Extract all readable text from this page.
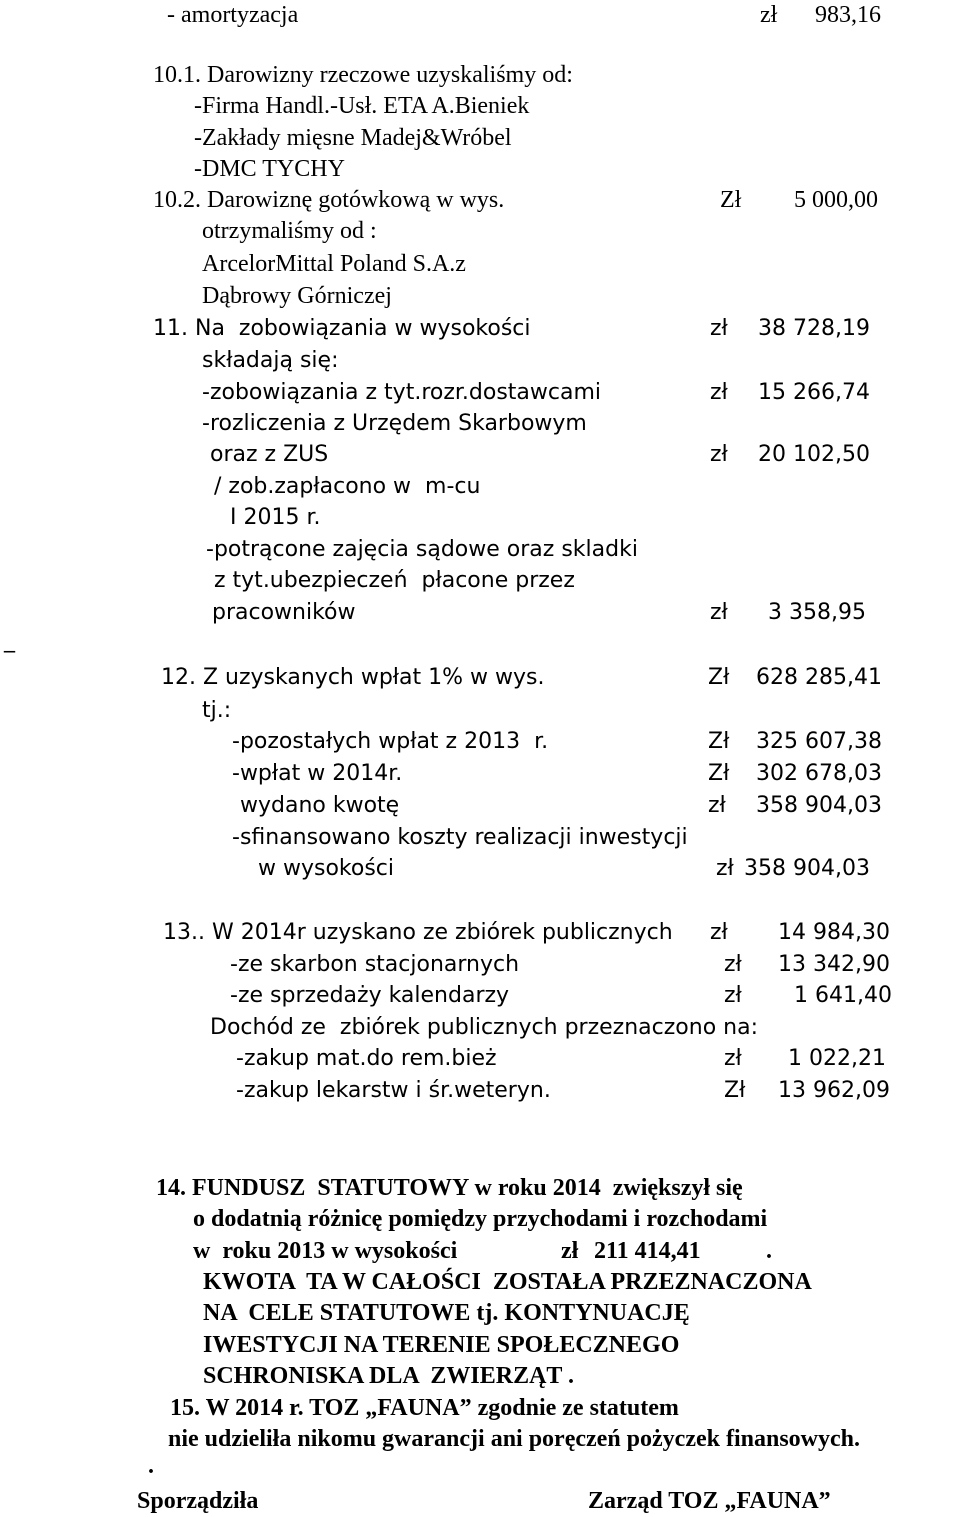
- amortyzacja	zł 983,16
10.1. Darowizny rzeczowe uzyskaliśmy od:
-Firma Handl.-Usł. ETA A.Bieniek
-Zakłady mięsne Madej&Wróbel
-DMC TYCHY
10.2. Darowiznę gotówkową w wys.	Zł 5 000,00
otrzymaliśmy od :
ArcelorMittal Poland S.A.z
Dąbrowy Górniczej
11. Na  zobowiązania w wysokości	zł 38 728,19
składają się:
-zobowiązania z tyt.rozr.dostawcami	zł 15 266,74
-rozliczenia z Urzędem Skarbowym
oraz z ZUS	zł 20 102,50
/ zob.zapłacono w  m-cu
I 2015 r.
-potrącone zajęcia sądowe oraz skladki
z tyt.ubezpieczeń  płacone przez
pracowników	zł 3 358,95
_
12. Z uzyskanych wpłat 1% w wys.	Zł 628 285,41
tj.:
-pozostałych wpłat z 2013  r.	Zł 325 607,38
-wpłat w 2014r.	Zł 302 678,03
wydano kwotę	zł 358 904,03
-sfinansowano koszty realizacji inwestycji
w wysokości	zł 358 904,03
13.. W 2014r uzyskano ze zbiórek publicznych zł 14 984,30
-ze skarbon stacjonarnych	zł 13 342,90
-ze sprzedaży kalendarzy	zł 1 641,40
Dochód ze  zbiórek publicznych przeznaczono na:
-zakup mat.do rem.bież	zł 1 022,21
-zakup lekarstw i śr.weteryn.	Zł 13 962,09
14. FUNDUSZ  STATUTOWY w roku 2014  zwiększył się
o dodatnią różnicę pomiędzy przychodami i rozchodami
w  roku 2013 w wysokości	zł 211 414,41	.
KWOTA  TA W CAŁOŚCI  ZOSTAŁA PRZEZNACZONA
NA  CELE STATUTOWE tj. KONTYNUACJĘ
IWESTYCJI NA TERENIE SPOŁECZNEGO
SCHRONISKA DLA  ZWIERZĄT .
15. W 2014 r. TOZ „FAUNA” zgodnie ze statutem
nie udzieliła nikomu gwarancji ani poręczeń pożyczek finansowych.
.
Sporządziła	Zarząd TOZ „FAUNA”
